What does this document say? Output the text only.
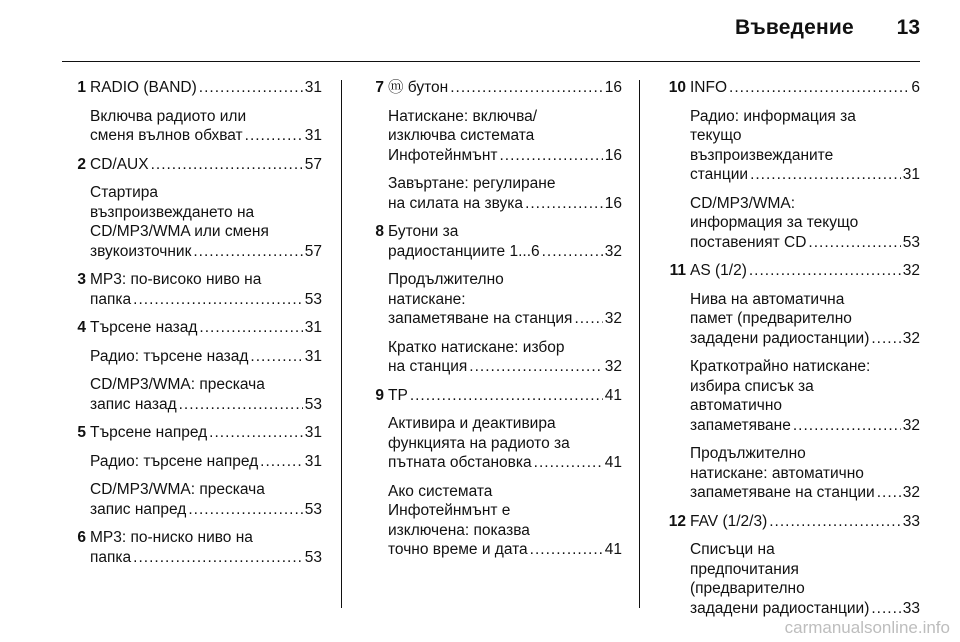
Въведение	13
1 RADIO (BAND) .....	31
Включва радиото или
сменя вълнов обхват .....	31
2 CD/AUX .....	57
Стартира
възпроизвеждането на
CD/MP3/WMA или сменя
звукоизточник .....	57
3 MP3: по-високо ниво на
папка .....	53
4 Търсене назад .....	31
Радио: търсене назад .....	31
CD/MP3/WMA: прескача
запис назад .....	53
5 Търсене напред .....	31
Радио: търсене напред .....	31
CD/MP3/WMA: прескача
запис напред .....	53
6 MP3: по-ниско ниво на
папка .....	53
7 ⓜ бутон .....	16
Натискане: включва/
изключва системата
Инфотейнмънт .....	16
Завъртане: регулиране
на силата на звука .....	16
8 Бутони за
радиостанциите 1...6 .....	32
Продължително
натискане:
запаметяване на станция ..... 32
Кратко натискане: избор
на станция .....	32
9 TP .....	41
Активира и деактивира
функцията на радиото за
пътната обстановка .....	41
Ако системата
Инфотейнмънт е
изключена: показва
точно време и дата .....	41
10 INFO .....	6
Радио: информация за
текущо
възпроизвежданите
станции .....	31
CD/MP3/WMA:
информация за текущо
поставеният CD .....	53
11 AS (1/2) .....	32
Нива на автоматична
памет (предварително
зададени радиостанции) ..... 32
Краткотрайно натискане:
избира списък за
автоматично
запаметяване .....	32
Продължително
натискане: автоматично
запаметяване на станции ..... 32
12 FAV (1/2/3) .....	33
Списъци на
предпочитания
(предварително
зададени радиостанции) ..... 33
carmanualsonline.info
